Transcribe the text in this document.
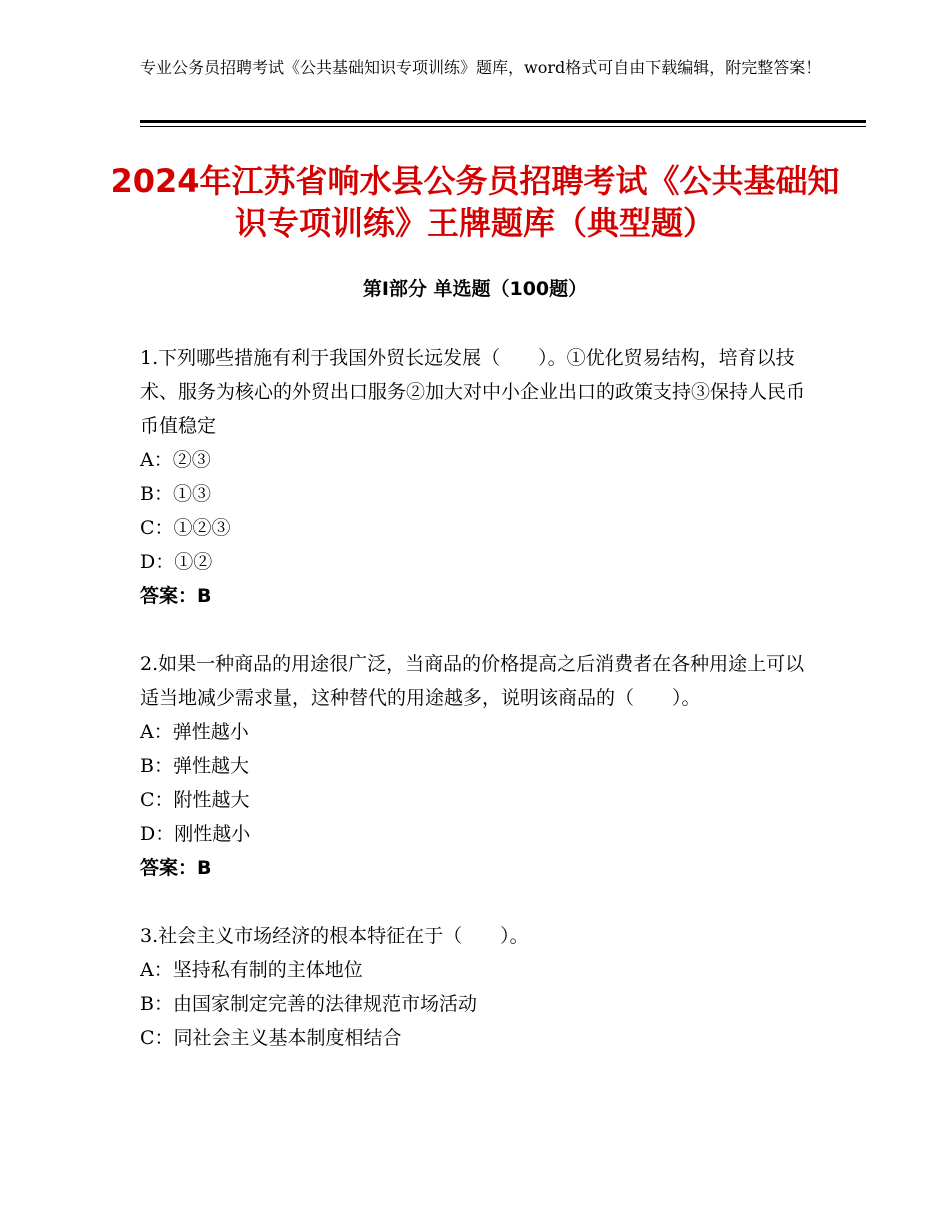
专业公务员招聘考试《公共基础知识专项训练》题库，word格式可自由下载编辑，附完整答案！
2024年江苏省响水县公务员招聘考试《公共基础知识专项训练》王牌题库（典型题）
第Ⅰ部分 单选题（100题）
1.下列哪些措施有利于我国外贸长远发展（　　）。①优化贸易结构，培育以技术、服务为核心的外贸出口服务②加大对中小企业出口的政策支持③保持人民币币值稳定
A：②③
B：①③
C：①②③
D：①②
答案：B
2.如果一种商品的用途很广泛，当商品的价格提高之后消费者在各种用途上可以适当地减少需求量，这种替代的用途越多，说明该商品的（　　）。
A：弹性越小
B：弹性越大
C：附性越大
D：刚性越小
答案：B
3.社会主义市场经济的根本特征在于（　　）。
A：坚持私有制的主体地位
B：由国家制定完善的法律规范市场活动
C：同社会主义基本制度相结合
